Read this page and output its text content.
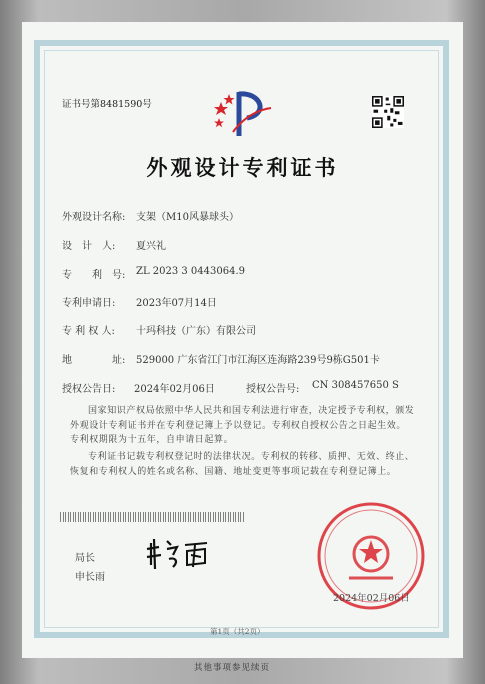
证书号第8481590号
外观设计专利证书
外观设计名称: 支架（M10风暴球头）
设　计　人: 夏兴礼
专　　利　号: ZL 2023 3 0443064.9
专利申请日: 2023年07月14日
专 利 权 人: 十玛科技（广东）有限公司
地　　　　址: 529000 广东省江门市江海区连海路239号9栋G501卡
授权公告日: 2024年02月06日	授权公告号: CN 308457650 S
国家知识产权局依照中华人民共和国专利法进行审查，决定授予专利权，颁发外观设计专利证书并在专利登记簿上予以登记。专利权自授权公告之日起生效。专利权期限为十五年，自申请日起算。
专利证书记载专利权登记时的法律状况。专利权的转移、质押、无效、终止、恢复和专利权人的姓名或名称、国籍、地址变更等事项记载在专利登记簿上。
局长
申长雨
2024年02月06日
第1页（共2页）
其他事项参见续页
